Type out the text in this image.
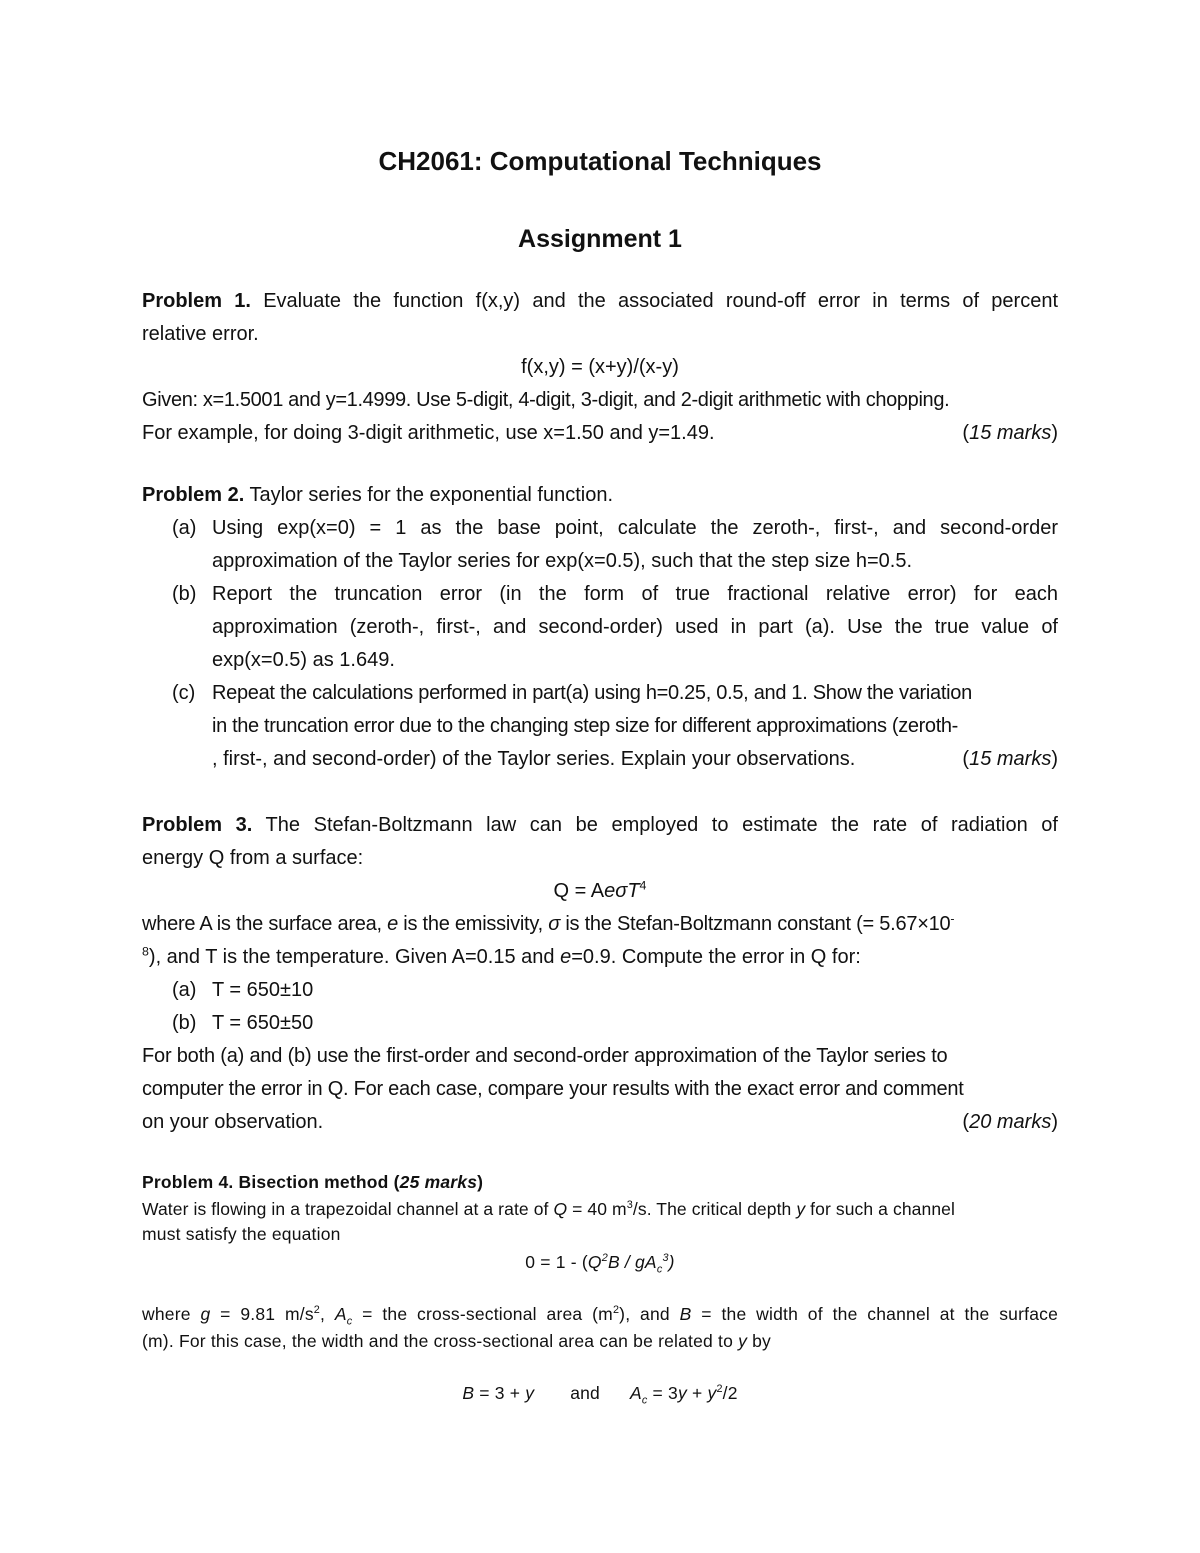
CH2061: Computational Techniques
Assignment 1
Problem 1. Evaluate the function f(x,y) and the associated round-off error in terms of percent
relative error.
f(x,y) = (x+y)/(x-y)
Given: x=1.5001 and y=1.4999. Use 5-digit, 4-digit, 3-digit, and 2-digit arithmetic with chopping.
For example, for doing 3-digit arithmetic, use x=1.50 and y=1.49.	(15 marks)
Problem 2. Taylor series for the exponential function.
(a) Using exp(x=0) = 1 as the base point, calculate the zeroth-, first-, and second-order
approximation of the Taylor series for exp(x=0.5), such that the step size h=0.5.
(b) Report the truncation error (in the form of true fractional relative error) for each
approximation (zeroth-, first-, and second-order) used in part (a). Use the true value of
exp(x=0.5) as 1.649.
(c) Repeat the calculations performed in part(a) using h=0.25, 0.5, and 1. Show the variation
in the truncation error due to the changing step size for different approximations (zeroth-
, first-, and second-order) of the Taylor series. Explain your observations.	(15 marks)
Problem 3. The Stefan-Boltzmann law can be employed to estimate the rate of radiation of
energy Q from a surface:
Q = AeσT$^4$
where A is the surface area, e is the emissivity, σ is the Stefan-Boltzmann constant (= 5.67×10-
$^8$), and T is the temperature. Given A=0.15 and e=0.9. Compute the error in Q for:
(a) T = 650±10
(b) T = 650±50
For both (a) and (b) use the first-order and second-order approximation of the Taylor series to
computer the error in Q. For each case, compare your results with the exact error and comment
on your observation.	(20 marks)
Problem 4. Bisection method (25 marks)
Water is flowing in a trapezoidal channel at a rate of Q = 40 $m^3/s$. The critical depth y for such a channel
must satisfy the equation
$0 = 1 - (Q^2B / gA_c^3)$
where g = 9.81 $m/s^2$, $A_c$ = the cross-sectional area $(m^2)$, and B = the width of the channel at the surface
(m). For this case, the width and the cross-sectional area can be related to y by
B = 3 + y and $A_c = 3y + y^2/2$
